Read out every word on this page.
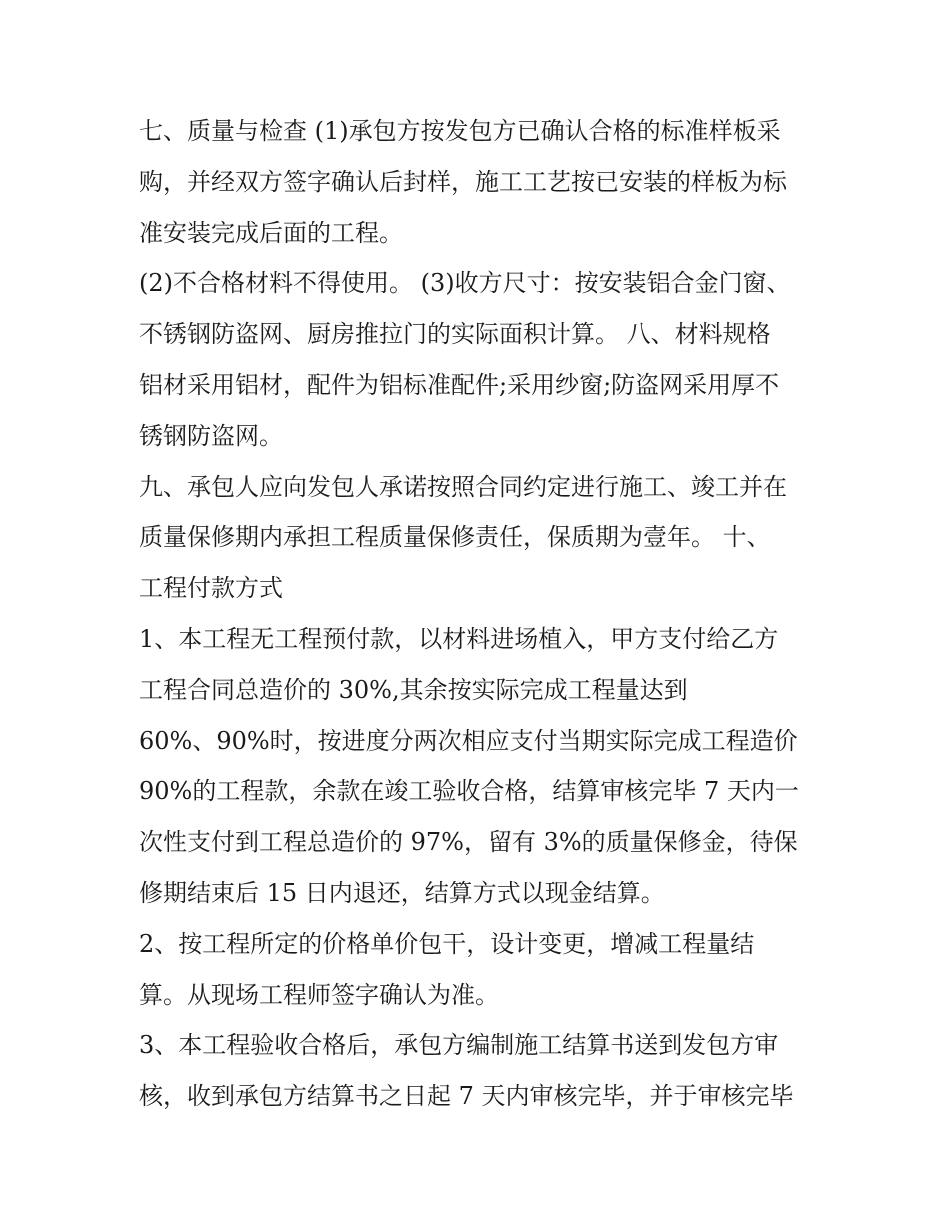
七、质量与检查 (1)承包方按发包方已确认合格的标准样板采
购，并经双方签字确认后封样，施工工艺按已安装的样板为标
准安装完成后面的工程。
(2)不合格材料不得使用。 (3)收方尺寸：按安装铝合金门窗、
不锈钢防盗网、厨房推拉门的实际面积计算。 八、材料规格
铝材采用铝材，配件为铝标准配件;采用纱窗;防盗网采用厚不
锈钢防盗网。
九、承包人应向发包人承诺按照合同约定进行施工、竣工并在
质量保修期内承担工程质量保修责任，保质期为壹年。 十、
工程付款方式
1、本工程无工程预付款，以材料进场植入，甲方支付给乙方
工程合同总造价的 30%,其余按实际完成工程量达到
60%、90%时，按进度分两次相应支付当期实际完成工程造价
90%的工程款，余款在竣工验收合格，结算审核完毕 7 天内一
次性支付到工程总造价的 97%，留有 3%的质量保修金，待保
修期结束后 15 日内退还，结算方式以现金结算。
2、按工程所定的价格单价包干，设计变更，增减工程量结
算。从现场工程师签字确认为准。
3、本工程验收合格后，承包方编制施工结算书送到发包方审
核，收到承包方结算书之日起 7 天内审核完毕，并于审核完毕
